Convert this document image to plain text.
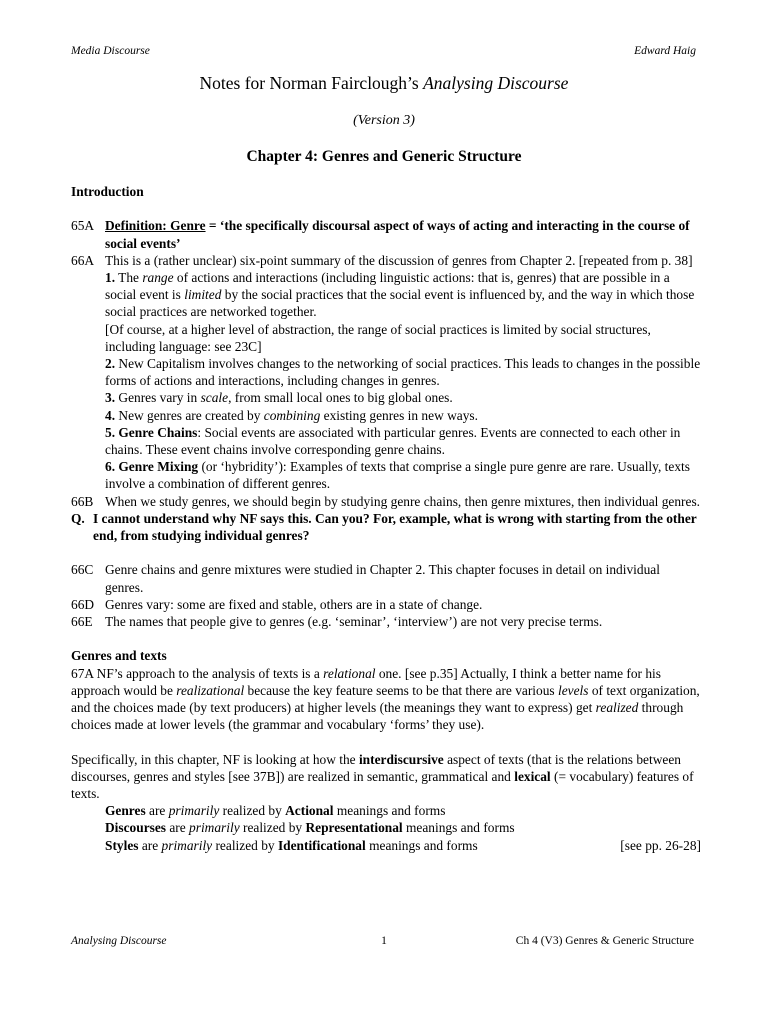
Media Discourse	Edward Haig
Notes for Norman Fairclough’s Analysing Discourse
(Version 3)
Chapter 4: Genres and Generic Structure

Introduction

65A Definition: Genre = ‘the specifically discoursal aspect of ways of acting and interacting in the course of social events’

66A This is a (rather unclear) six-point summary of the discussion of genres from Chapter 2. [repeated from p. 38]

1. The range of actions and interactions (including linguistic actions: that is, genres) that are possible in a social event is limited by the social practices that the social event is influenced by, and the way in which those social practices are networked together.

[Of course, at a higher level of abstraction, the range of social practices is limited by social structures, including language: see 23C]

2. New Capitalism involves changes to the networking of social practices. This leads to changes in the possible forms of actions and interactions, including changes in genres.

3. Genres vary in scale, from small local ones to big global ones.

4. New genres are created by combining existing genres in new ways.

5. Genre Chains: Social events are associated with particular genres. Events are connected to each other in chains. These event chains involve corresponding genre chains.

6. Genre Mixing (or ‘hybridity’): Examples of texts that comprise a single pure genre are rare. Usually, texts involve a combination of different genres.

66B When we study genres, we should begin by studying genre chains, then genre mixtures, then individual genres.

Q. I cannot understand why NF says this. Can you? For, example, what is wrong with starting from the other end, from studying individual genres?

66C Genre chains and genre mixtures were studied in Chapter 2. This chapter focuses in detail on individual genres.

66D Genres vary: some are fixed and stable, others are in a state of change.

66E The names that people give to genres (e.g. ‘seminar’, ‘interview’) are not very precise terms.

Genres and texts

67A NF’s approach to the analysis of texts is a relational one. [see p.35] Actually, I think a better name for his approach would be realizational because the key feature seems to be that there are various levels of text organization, and the choices made (by text producers) at higher levels (the meanings they want to express) get realized through choices made at lower levels (the grammar and vocabulary ‘forms’ they use).

Specifically, in this chapter, NF is looking at how the interdiscursive aspect of texts (that is the relations between discourses, genres and styles [see 37B]) are realized in semantic, grammatical and lexical (= vocabulary) features of texts.

Genres are primarily realized by Actional meanings and forms

Discourses are primarily realized by Representational meanings and forms

[see pp. 26-28]
Styles are primarily realized by Identificational meanings and forms

Analysing Discourse	1	Ch 4 (V3) Genres & Generic Structure
